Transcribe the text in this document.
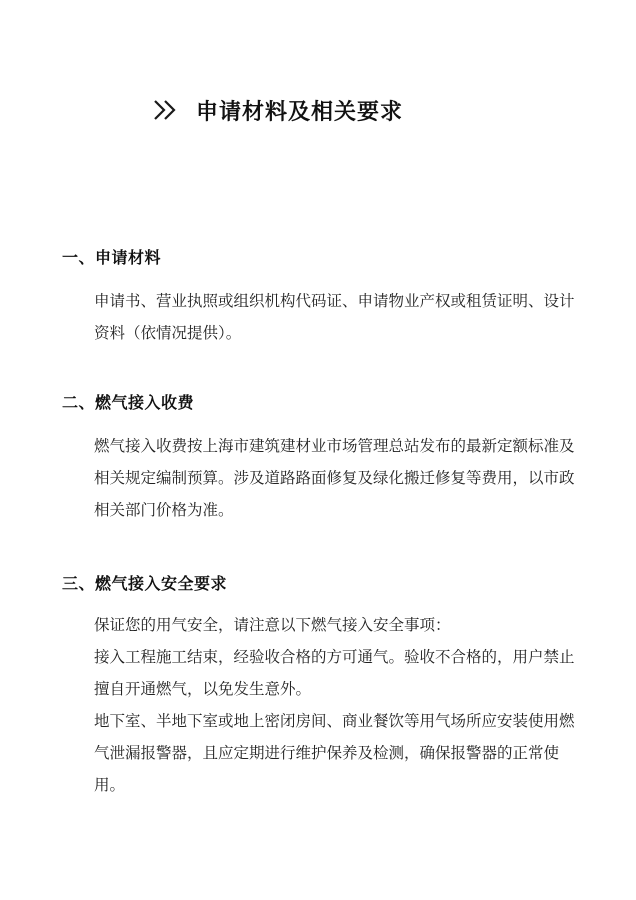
申请材料及相关要求
一、申请材料

申请书、营业执照或组织机构代码证、申请物业产权或租赁证明、设计资料（依情况提供）。

二、燃气接入收费

燃气接入收费按上海市建筑建材业市场管理总站发布的最新定额标准及相关规定编制预算。涉及道路路面修复及绿化搬迁修复等费用，以市政相关部门价格为准。

三、燃气接入安全要求

保证您的用气安全，请注意以下燃气接入安全事项：

接入工程施工结束，经验收合格的方可通气。验收不合格的，用户禁止擅自开通燃气，以免发生意外。

地下室、半地下室或地上密闭房间、商业餐饮等用气场所应安装使用燃气泄漏报警器，且应定期进行维护保养及检测，确保报警器的正常使用。
